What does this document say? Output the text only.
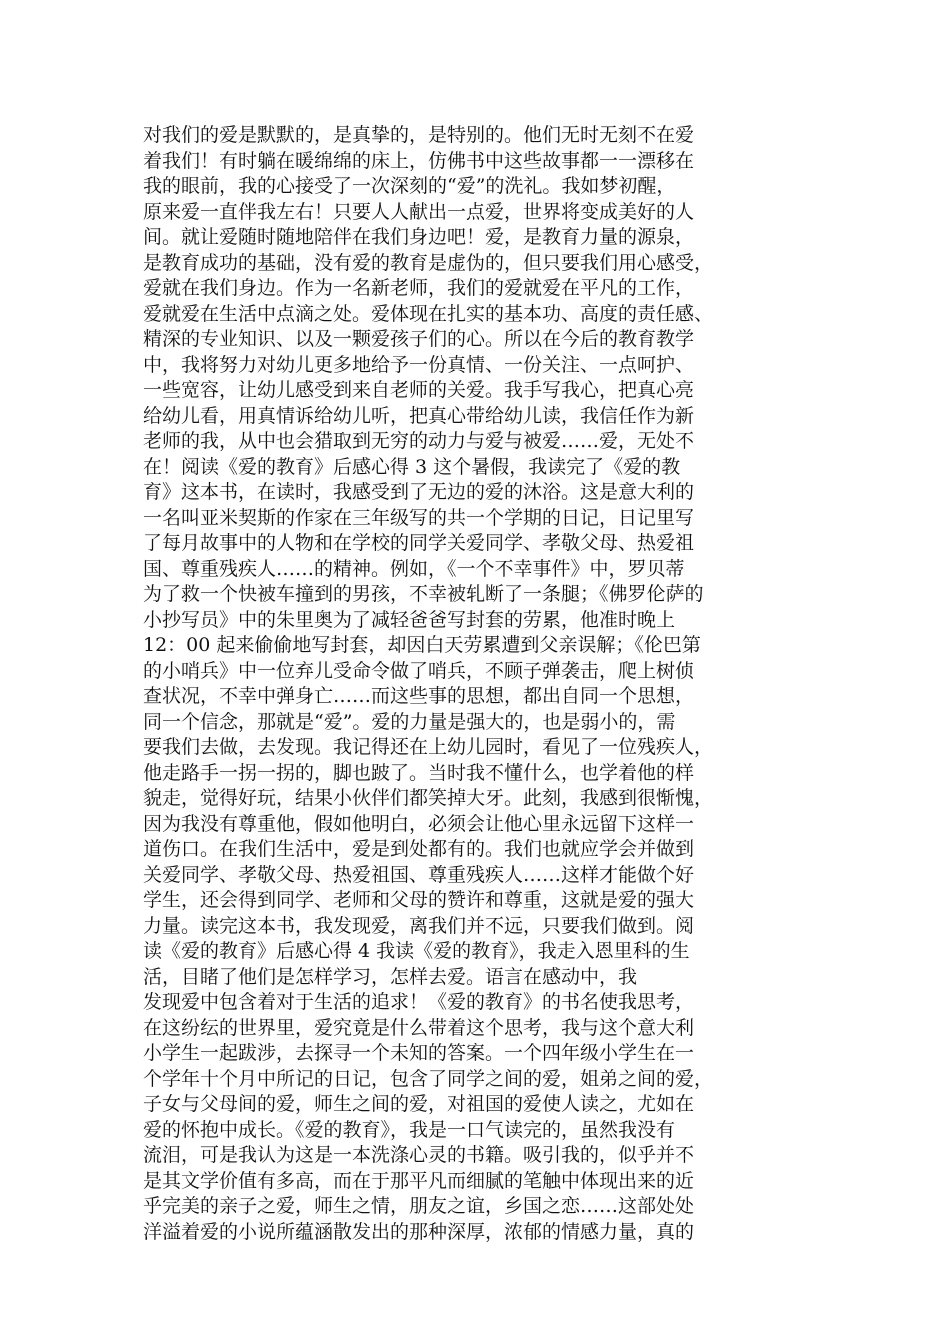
对我们的爱是默默的，是真挚的，是特别的。他们无时无刻不在爱
着我们！有时躺在暖绵绵的床上，仿佛书中这些故事都一一漂移在
我的眼前，我的心接受了一次深刻的“爱”的洗礼。我如梦初醒，
原来爱一直伴我左右！只要人人献出一点爱，世界将变成美好的人
间。就让爱随时随地陪伴在我们身边吧！爱，是教育力量的源泉，
是教育成功的基础，没有爱的教育是虚伪的，但只要我们用心感受，
爱就在我们身边。作为一名新老师，我们的爱就爱在平凡的工作，
爱就爱在生活中点滴之处。爱体现在扎实的基本功、高度的责任感、
精深的专业知识、以及一颗爱孩子们的心。所以在今后的教育教学
中，我将努力对幼儿更多地给予一份真情、一份关注、一点呵护、
一些宽容，让幼儿感受到来自老师的关爱。我手写我心，把真心亮
给幼儿看，用真情诉给幼儿听，把真心带给幼儿读，我信任作为新
老师的我，从中也会猎取到无穷的动力与爱与被爱……爱，无处不
在！阅读《爱的教育》后感心得 3 这个暑假，我读完了《爱的教
育》这本书，在读时，我感受到了无边的爱的沐浴。这是意大利的
一名叫亚米契斯的作家在三年级写的共一个学期的日记，日记里写
了每月故事中的人物和在学校的同学关爱同学、孝敬父母、热爱祖
国、尊重残疾人……的精神。例如，《一个不幸事件》中，罗贝蒂
为了救一个快被车撞到的男孩，不幸被轧断了一条腿；《佛罗伦萨的
小抄写员》中的朱里奥为了减轻爸爸写封套的劳累，他准时晚上
12：00 起来偷偷地写封套，却因白天劳累遭到父亲误解；《伦巴第
的小哨兵》中一位弃儿受命令做了哨兵，不顾子弹袭击，爬上树侦
查状况，不幸中弹身亡……而这些事的思想，都出自同一个思想，
同一个信念，那就是“爱”。爱的力量是强大的，也是弱小的，需
要我们去做，去发现。我记得还在上幼儿园时，看见了一位残疾人，
他走路手一拐一拐的，脚也跛了。当时我不懂什么，也学着他的样
貌走，觉得好玩，结果小伙伴们都笑掉大牙。此刻，我感到很惭愧，
因为我没有尊重他，假如他明白，必须会让他心里永远留下这样一
道伤口。在我们生活中，爱是到处都有的。我们也就应学会并做到
关爱同学、孝敬父母、热爱祖国、尊重残疾人……这样才能做个好
学生，还会得到同学、老师和父母的赞许和尊重，这就是爱的强大
力量。读完这本书，我发现爱，离我们并不远，只要我们做到。阅
读《爱的教育》后感心得 4 我读《爱的教育》，我走入恩里科的生
活，目睹了他们是怎样学习，怎样去爱。语言在感动中，我
发现爱中包含着对于生活的追求！《爱的教育》的书名使我思考，
在这纷纭的世界里，爱究竟是什么带着这个思考，我与这个意大利
小学生一起跋涉，去探寻一个未知的答案。一个四年级小学生在一
个学年十个月中所记的日记，包含了同学之间的爱，姐弟之间的爱，
子女与父母间的爱，师生之间的爱，对祖国的爱使人读之，尤如在
爱的怀抱中成长。《爱的教育》，我是一口气读完的，虽然我没有
流泪，可是我认为这是一本洗涤心灵的书籍。吸引我的，似乎并不
是其文学价值有多高，而在于那平凡而细腻的笔触中体现出来的近
乎完美的亲子之爱，师生之情，朋友之谊，乡国之恋……这部处处
洋溢着爱的小说所蕴涵散发出的那种深厚，浓郁的情感力量，真的
